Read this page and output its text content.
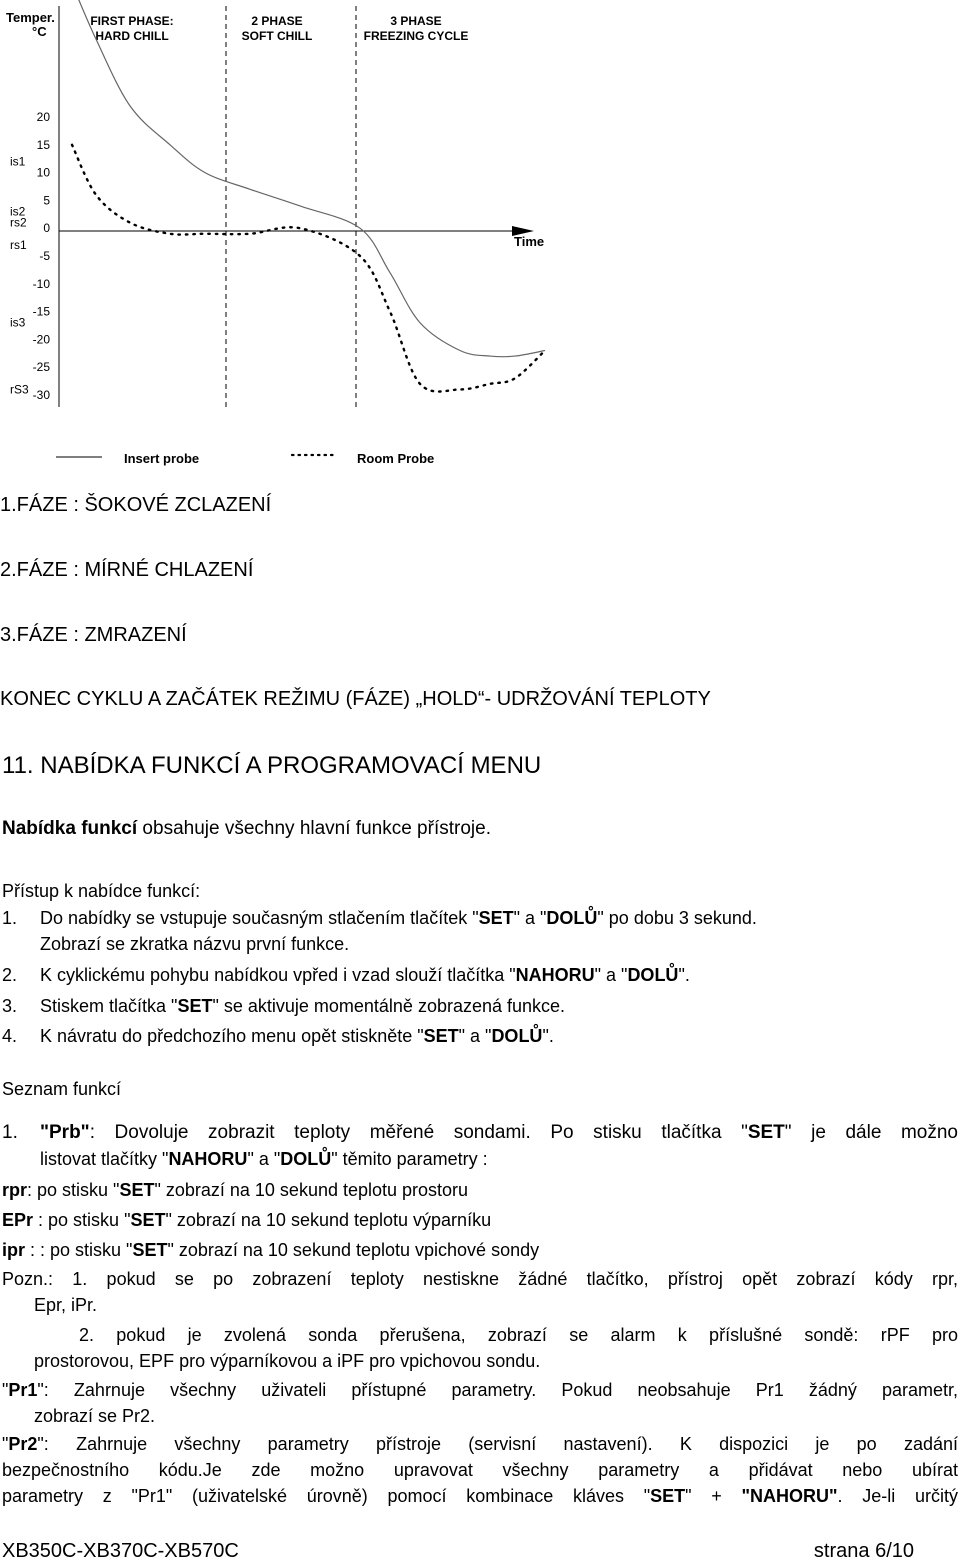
Temper.
°C
Time
FIRST PHASE:
HARD CHILL
2 PHASE
SOFT CHILL
3 PHASE
FREEZING CYCLE
20
15
10
5
0
-5
-10
-15
-20
-25
-30
is1
is2
rs2
rs1
is3
rS3
Insert probe	Room Probe
1.FÁZE : ŠOKOVÉ ZCLAZENÍ
2.FÁZE : MÍRNÉ CHLAZENÍ
3.FÁZE : ZMRAZENÍ
KONEC CYKLU A ZAČÁTEK REŽIMU (FÁZE) „HOLD“- UDRŽOVÁNÍ TEPLOTY
11. NABÍDKA FUNKCÍ A PROGRAMOVACÍ MENU
Nabídka funkcí obsahuje všechny hlavní funkce přístroje.
Přístup k nabídce funkcí:
1. Do nabídky se vstupuje současným stlačením tlačítek "SET" a "DOLŮ" po dobu 3 sekund.
Zobrazí se zkratka názvu první funkce.
2. K cyklickému pohybu nabídkou vpřed i vzad slouží tlačítka "NAHORU" a "DOLŮ".
3. Stiskem tlačítka "SET" se aktivuje momentálně zobrazená funkce.
4. K návratu do předchozího menu opět stiskněte "SET" a "DOLŮ".
Seznam funkcí
1. "Prb": Dovoluje zobrazit teploty měřené sondami. Po stisku tlačítka "SET" je dále možno
listovat tlačítky "NAHORU" a "DOLŮ" těmito parametry :
rpr: po stisku "SET" zobrazí na 10 sekund teplotu prostoru
EPr : po stisku "SET" zobrazí na 10 sekund teplotu výparníku
ipr : : po stisku "SET" zobrazí na 10 sekund teplotu vpichové sondy
Pozn.: 1. pokud se po zobrazení teploty nestiskne žádné tlačítko, přístroj opět zobrazí kódy rpr,
Epr, iPr.
2. pokud je zvolená sonda přerušena, zobrazí se alarm k příslušné sondě: rPF pro
prostorovou, EPF pro výparníkovou a iPF pro vpichovou sondu.
"Pr1": Zahrnuje všechny uživateli přístupné parametry. Pokud neobsahuje Pr1 žádný parametr,
zobrazí se Pr2.
"Pr2": Zahrnuje všechny parametry přístroje (servisní nastavení). K dispozici je po zadání
bezpečnostního kódu.Je zde možno upravovat všechny parametry a přidávat nebo ubírat
parametry z "Pr1" (uživatelské úrovně) pomocí kombinace kláves "SET" + "NAHORU". Je-li určitý
XB350C-XB370C-XB570C	strana 6/10
